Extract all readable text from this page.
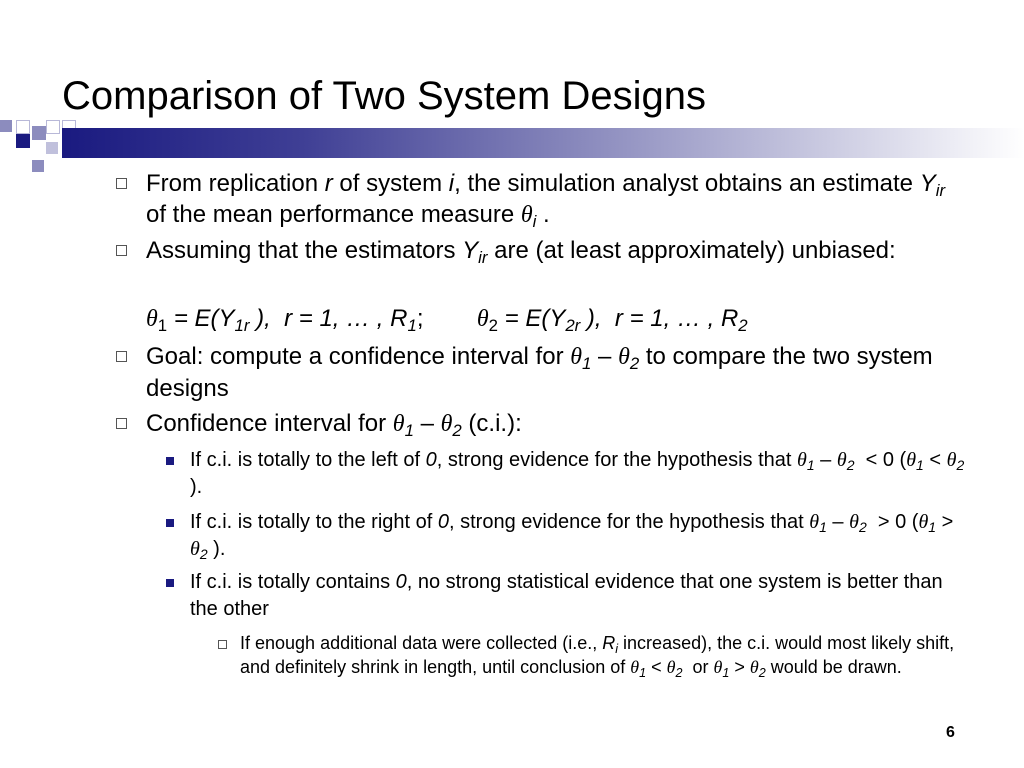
Comparison of Two System Designs
From replication r of system i, the simulation analyst obtains an estimate $Y_{ir}$ of the mean performance measure $\theta_i$ .
Assuming that the estimators $Y_{ir}$ are (at least approximately) unbiased:
$\theta_1 = E(Y_{1r}$ ),  r = 1, … , $R_1$;        $\theta_2 = E(Y_{2r}$ ),  r = 1, … , $R_2$
Goal: compute a confidence interval for $\theta_1 - \theta_2$ to compare the two system designs
Confidence interval for $\theta_1 - \theta_2$ (c.i.):
If c.i. is totally to the left of 0, strong evidence for the hypothesis that $\theta_1 - \theta_2 < 0$ ($\theta_1 < \theta_2$ ).
If c.i. is totally to the right of 0, strong evidence for the hypothesis that $\theta_1 - \theta_2 > 0$ ($\theta_1 > \theta_2$ ).
If c.i. is totally contains 0, no strong statistical evidence that one system is better than the other
If enough additional data were collected (i.e., $R_i$ increased), the c.i. would most likely shift, and definitely shrink in length, until conclusion of $\theta_1 < \theta_2$  or $\theta_1 > \theta_2$ would be drawn.
6
